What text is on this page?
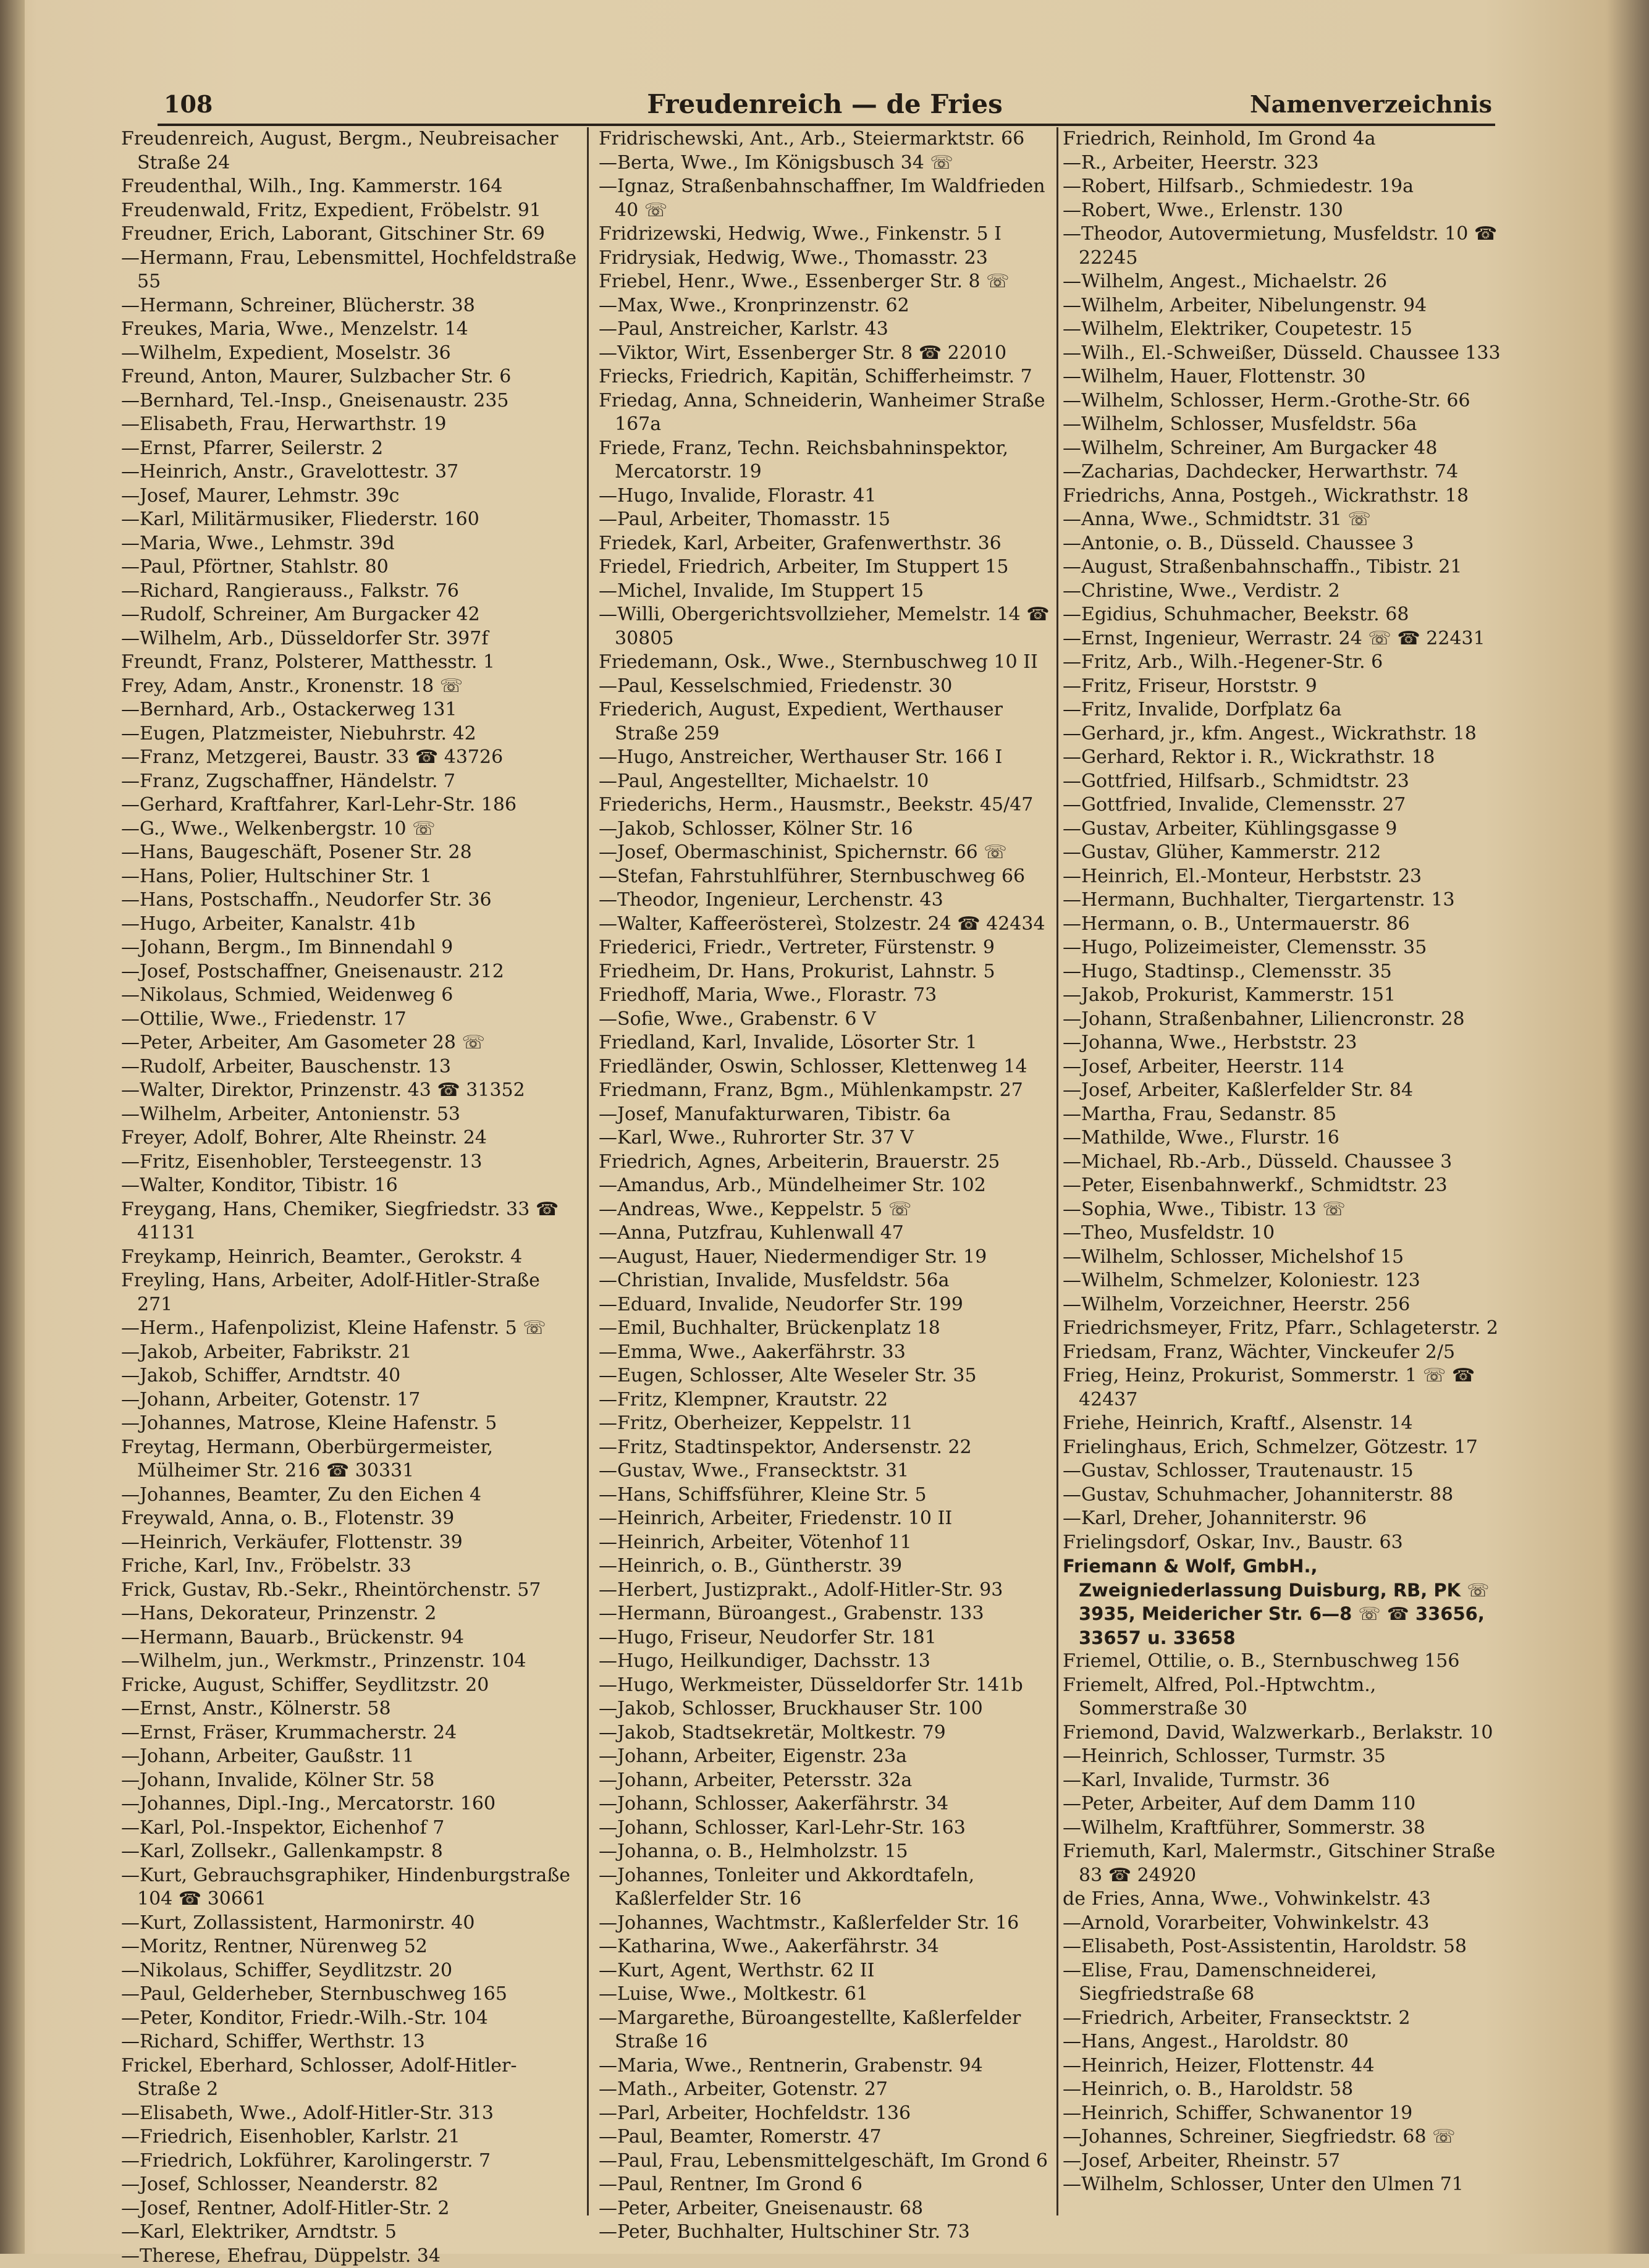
108	Freudenreich — de Fries	Namenverzeichnis

Freudenreich, August, Bergm., Neubreisacher Straße 24

Freudenthal, Wilh., Ing. Kammerstr. 164

Freudenwald, Fritz, Expedient, Fröbelstr. 91

Freudner, Erich, Laborant, Gitschiner Str. 69

—Hermann, Frau, Lebensmittel, Hochfeldstraße 55

—Hermann, Schreiner, Blücherstr. 38

Freukes, Maria, Wwe., Menzelstr. 14

—Wilhelm, Expedient, Moselstr. 36

Freund, Anton, Maurer, Sulzbacher Str. 6

—Bernhard, Tel.-Insp., Gneisenaustr. 235

—Elisabeth, Frau, Herwarthstr. 19

—Ernst, Pfarrer, Seilerstr. 2

—Heinrich, Anstr., Gravelottestr. 37

—Josef, Maurer, Lehmstr. 39c

—Karl, Militärmusiker, Fliederstr. 160

—Maria, Wwe., Lehmstr. 39d

—Paul, Pförtner, Stahlstr. 80

—Richard, Rangierauss., Falkstr. 76

—Rudolf, Schreiner, Am Burgacker 42

—Wilhelm, Arb., Düsseldorfer Str. 397f

Freundt, Franz, Polsterer, Matthesstr. 1

Frey, Adam, Anstr., Kronenstr. 18 ☏

—Bernhard, Arb., Ostackerweg 131

—Eugen, Platzmeister, Niebuhrstr. 42

—Franz, Metzgerei, Baustr. 33 ☎ 43726

—Franz, Zugschaffner, Händelstr. 7

—Gerhard, Kraftfahrer, Karl-Lehr-Str. 186

—G., Wwe., Welkenbergstr. 10 ☏

—Hans, Baugeschäft, Posener Str. 28

—Hans, Polier, Hultschiner Str. 1

—Hans, Postschaffn., Neudorfer Str. 36

—Hugo, Arbeiter, Kanalstr. 41b

—Johann, Bergm., Im Binnendahl 9

—Josef, Postschaffner, Gneisenaustr. 212

—Nikolaus, Schmied, Weidenweg 6

—Ottilie, Wwe., Friedenstr. 17

—Peter, Arbeiter, Am Gasometer 28 ☏

—Rudolf, Arbeiter, Bauschenstr. 13

—Walter, Direktor, Prinzenstr. 43 ☎ 31352

—Wilhelm, Arbeiter, Antonienstr. 53

Freyer, Adolf, Bohrer, Alte Rheinstr. 24

—Fritz, Eisenhobler, Tersteegenstr. 13

—Walter, Konditor, Tibistr. 16

Freygang, Hans, Chemiker, Siegfriedstr. 33 ☎ 41131

Freykamp, Heinrich, Beamter., Gerokstr. 4

Freyling, Hans, Arbeiter, Adolf-Hitler-Straße 271

—Herm., Hafenpolizist, Kleine Hafenstr. 5 ☏

—Jakob, Arbeiter, Fabrikstr. 21

—Jakob, Schiffer, Arndtstr. 40

—Johann, Arbeiter, Gotenstr. 17

—Johannes, Matrose, Kleine Hafenstr. 5

Freytag, Hermann, Oberbürgermeister, Mülheimer Str. 216 ☎ 30331

—Johannes, Beamter, Zu den Eichen 4

Freywald, Anna, o. B., Flotenstr. 39

—Heinrich, Verkäufer, Flottenstr. 39

Friche, Karl, Inv., Fröbelstr. 33

Frick, Gustav, Rb.-Sekr., Rheintörchenstr. 57

—Hans, Dekorateur, Prinzenstr. 2

—Hermann, Bauarb., Brückenstr. 94

—Wilhelm, jun., Werkmstr., Prinzenstr. 104

Fricke, August, Schiffer, Seydlitzstr. 20

—Ernst, Anstr., Kölnerstr. 58

—Ernst, Fräser, Krummacherstr. 24

—Johann, Arbeiter, Gaußstr. 11

—Johann, Invalide, Kölner Str. 58

—Johannes, Dipl.-Ing., Mercatorstr. 160

—Karl, Pol.-Inspektor, Eichenhof 7

—Karl, Zollsekr., Gallenkampstr. 8

—Kurt, Gebrauchsgraphiker, Hindenburgstraße 104 ☎ 30661

—Kurt, Zollassistent, Harmonirstr. 40

—Moritz, Rentner, Nürenweg 52

—Nikolaus, Schiffer, Seydlitzstr. 20

—Paul, Gelderheber, Sternbuschweg 165

—Peter, Konditor, Friedr.-Wilh.-Str. 104

—Richard, Schiffer, Werthstr. 13

Frickel, Eberhard, Schlosser, Adolf-Hitler-Straße 2

—Elisabeth, Wwe., Adolf-Hitler-Str. 313

—Friedrich, Eisenhobler, Karlstr. 21

—Friedrich, Lokführer, Karolingerstr. 7

—Josef, Schlosser, Neanderstr. 82

—Josef, Rentner, Adolf-Hitler-Str. 2

—Karl, Elektriker, Arndtstr. 5

—Therese, Ehefrau, Düppelstr. 34

Fridrischewski, Ant., Arb., Steiermarktstr. 66

—Berta, Wwe., Im Königsbusch 34 ☏

—Ignaz, Straßenbahnschaffner, Im Waldfrieden 40 ☏

Fridrizewski, Hedwig, Wwe., Finkenstr. 5 I

Fridrysiak, Hedwig, Wwe., Thomasstr. 23

Friebel, Henr., Wwe., Essenberger Str. 8 ☏

—Max, Wwe., Kronprinzenstr. 62

—Paul, Anstreicher, Karlstr. 43

—Viktor, Wirt, Essenberger Str. 8 ☎ 22010

Friecks, Friedrich, Kapitän, Schifferheimstr. 7

Friedag, Anna, Schneiderin, Wanheimer Straße 167a

Friede, Franz, Techn. Reichsbahninspektor, Mercatorstr. 19

—Hugo, Invalide, Florastr. 41

—Paul, Arbeiter, Thomasstr. 15

Friedek, Karl, Arbeiter, Grafenwerthstr. 36

Friedel, Friedrich, Arbeiter, Im Stuppert 15

—Michel, Invalide, Im Stuppert 15

—Willi, Obergerichtsvollzieher, Memelstr. 14 ☎ 30805

Friedemann, Osk., Wwe., Sternbuschweg 10 II

—Paul, Kesselschmied, Friedenstr. 30

Friederich, August, Expedient, Werthauser Straße 259

—Hugo, Anstreicher, Werthauser Str. 166 I

—Paul, Angestellter, Michaelstr. 10

Friederichs, Herm., Hausmstr., Beekstr. 45/47

—Jakob, Schlosser, Kölner Str. 16

—Josef, Obermaschinist, Spichernstr. 66 ☏

—Stefan, Fahrstuhlführer, Sternbuschweg 66

—Theodor, Ingenieur, Lerchenstr. 43

—Walter, Kaffeeröstereì, Stolzestr. 24 ☎ 42434

Friederici, Friedr., Vertreter, Fürstenstr. 9

Friedheim, Dr. Hans, Prokurist, Lahnstr. 5

Friedhoff, Maria, Wwe., Florastr. 73

—Sofie, Wwe., Grabenstr. 6 V

Friedland, Karl, Invalide, Lösorter Str. 1

Friedländer, Oswin, Schlosser, Klettenweg 14

Friedmann, Franz, Bgm., Mühlenkampstr. 27

—Josef, Manufakturwaren, Tibistr. 6a

—Karl, Wwe., Ruhrorter Str. 37 V

Friedrich, Agnes, Arbeiterin, Brauerstr. 25

—Amandus, Arb., Mündelheimer Str. 102

—Andreas, Wwe., Keppelstr. 5 ☏

—Anna, Putzfrau, Kuhlenwall 47

—August, Hauer, Niedermendiger Str. 19

—Christian, Invalide, Musfeldstr. 56a

—Eduard, Invalide, Neudorfer Str. 199

—Emil, Buchhalter, Brückenplatz 18

—Emma, Wwe., Aakerfährstr. 33

—Eugen, Schlosser, Alte Weseler Str. 35

—Fritz, Klempner, Krautstr. 22

—Fritz, Oberheizer, Keppelstr. 11

—Fritz, Stadtinspektor, Andersenstr. 22

—Gustav, Wwe., Fransecktstr. 31

—Hans, Schiffsführer, Kleine Str. 5

—Heinrich, Arbeiter, Friedenstr. 10 II

—Heinrich, Arbeiter, Vötenhof 11

—Heinrich, o. B., Güntherstr. 39

—Herbert, Justizprakt., Adolf-Hitler-Str. 93

—Hermann, Büroangest., Grabenstr. 133

—Hugo, Friseur, Neudorfer Str. 181

—Hugo, Heilkundiger, Dachsstr. 13

—Hugo, Werkmeister, Düsseldorfer Str. 141b

—Jakob, Schlosser, Bruckhauser Str. 100

—Jakob, Stadtsekretär, Moltkestr. 79

—Johann, Arbeiter, Eigenstr. 23a

—Johann, Arbeiter, Petersstr. 32a

—Johann, Schlosser, Aakerfährstr. 34

—Johann, Schlosser, Karl-Lehr-Str. 163

—Johanna, o. B., Helmholzstr. 15

—Johannes, Tonleiter und Akkordtafeln, Kaßlerfelder Str. 16

—Johannes, Wachtmstr., Kaßlerfelder Str. 16

—Katharina, Wwe., Aakerfährstr. 34

—Kurt, Agent, Werthstr. 62 II

—Luise, Wwe., Moltkestr. 61

—Margarethe, Büroangestellte, Kaßlerfelder Straße 16

—Maria, Wwe., Rentnerin, Grabenstr. 94

—Math., Arbeiter, Gotenstr. 27

—Parl, Arbeiter, Hochfeldstr. 136

—Paul, Beamter, Romerstr. 47

—Paul, Frau, Lebensmittelgeschäft, Im Grond 6

—Paul, Rentner, Im Grond 6

—Peter, Arbeiter, Gneisenaustr. 68

—Peter, Buchhalter, Hultschiner Str. 73

Friedrich, Reinhold, Im Grond 4a

—R., Arbeiter, Heerstr. 323

—Robert, Hilfsarb., Schmiedestr. 19a

—Robert, Wwe., Erlenstr. 130

—Theodor, Autovermietung, Musfeldstr. 10 ☎ 22245

—Wilhelm, Angest., Michaelstr. 26

—Wilhelm, Arbeiter, Nibelungenstr. 94

—Wilhelm, Elektriker, Coupetestr. 15

—Wilh., El.-Schweißer, Düsseld. Chaussee 133

—Wilhelm, Hauer, Flottenstr. 30

—Wilhelm, Schlosser, Herm.-Grothe-Str. 66

—Wilhelm, Schlosser, Musfeldstr. 56a

—Wilhelm, Schreiner, Am Burgacker 48

—Zacharias, Dachdecker, Herwarthstr. 74

Friedrichs, Anna, Postgeh., Wickrathstr. 18

—Anna, Wwe., Schmidtstr. 31 ☏

—Antonie, o. B., Düsseld. Chaussee 3

—August, Straßenbahnschaffn., Tibistr. 21

—Christine, Wwe., Verdistr. 2

—Egidius, Schuhmacher, Beekstr. 68

—Ernst, Ingenieur, Werrastr. 24 ☏ ☎ 22431

—Fritz, Arb., Wilh.-Hegener-Str. 6

—Fritz, Friseur, Horststr. 9

—Fritz, Invalide, Dorfplatz 6a

—Gerhard, jr., kfm. Angest., Wickrathstr. 18

—Gerhard, Rektor i. R., Wickrathstr. 18

—Gottfried, Hilfsarb., Schmidtstr. 23

—Gottfried, Invalide, Clemensstr. 27

—Gustav, Arbeiter, Kühlingsgasse 9

—Gustav, Glüher, Kammerstr. 212

—Heinrich, El.-Monteur, Herbststr. 23

—Hermann, Buchhalter, Tiergartenstr. 13

—Hermann, o. B., Untermauerstr. 86

—Hugo, Polizeimeister, Clemensstr. 35

—Hugo, Stadtinsp., Clemensstr. 35

—Jakob, Prokurist, Kammerstr. 151

—Johann, Straßenbahner, Liliencronstr. 28

—Johanna, Wwe., Herbststr. 23

—Josef, Arbeiter, Heerstr. 114

—Josef, Arbeiter, Kaßlerfelder Str. 84

—Martha, Frau, Sedanstr. 85

—Mathilde, Wwe., Flurstr. 16

—Michael, Rb.-Arb., Düsseld. Chaussee 3

—Peter, Eisenbahnwerkf., Schmidtstr. 23

—Sophia, Wwe., Tibistr. 13 ☏

—Theo, Musfeldstr. 10

—Wilhelm, Schlosser, Michelshof 15

—Wilhelm, Schmelzer, Koloniestr. 123

—Wilhelm, Vorzeichner, Heerstr. 256

Friedrichsmeyer, Fritz, Pfarr., Schlageterstr. 2

Friedsam, Franz, Wächter, Vinckeufer 2/5

Frieg, Heinz, Prokurist, Sommerstr. 1 ☏ ☎ 42437

Friehe, Heinrich, Kraftf., Alsenstr. 14

Frielinghaus, Erich, Schmelzer, Götzestr. 17

—Gustav, Schlosser, Trautenaustr. 15

—Gustav, Schuhmacher, Johanniterstr. 88

—Karl, Dreher, Johanniterstr. 96

Frielingsdorf, Oskar, Inv., Baustr. 63

Friemann & Wolf, GmbH., Zweigniederlassung Duisburg, RB, PK ☏ 3935, Meidericher Str. 6—8 ☏ ☎ 33656, 33657 u. 33658

Friemel, Ottilie, o. B., Sternbuschweg 156

Friemelt, Alfred, Pol.-Hptwchtm., Sommerstraße 30

Friemond, David, Walzwerkarb., Berlakstr. 10

—Heinrich, Schlosser, Turmstr. 35

—Karl, Invalide, Turmstr. 36

—Peter, Arbeiter, Auf dem Damm 110

—Wilhelm, Kraftführer, Sommerstr. 38

Friemuth, Karl, Malermstr., Gitschiner Straße 83 ☎ 24920

de Fries, Anna, Wwe., Vohwinkelstr. 43

—Arnold, Vorarbeiter, Vohwinkelstr. 43

—Elisabeth, Post-Assistentin, Haroldstr. 58

—Elise, Frau, Damenschneiderei, Siegfriedstraße 68

—Friedrich, Arbeiter, Fransecktstr. 2

—Hans, Angest., Haroldstr. 80

—Heinrich, Heizer, Flottenstr. 44

—Heinrich, o. B., Haroldstr. 58

—Heinrich, Schiffer, Schwanentor 19

—Johannes, Schreiner, Siegfriedstr. 68 ☏

—Josef, Arbeiter, Rheinstr. 57

—Wilhelm, Schlosser, Unter den Ulmen 71
